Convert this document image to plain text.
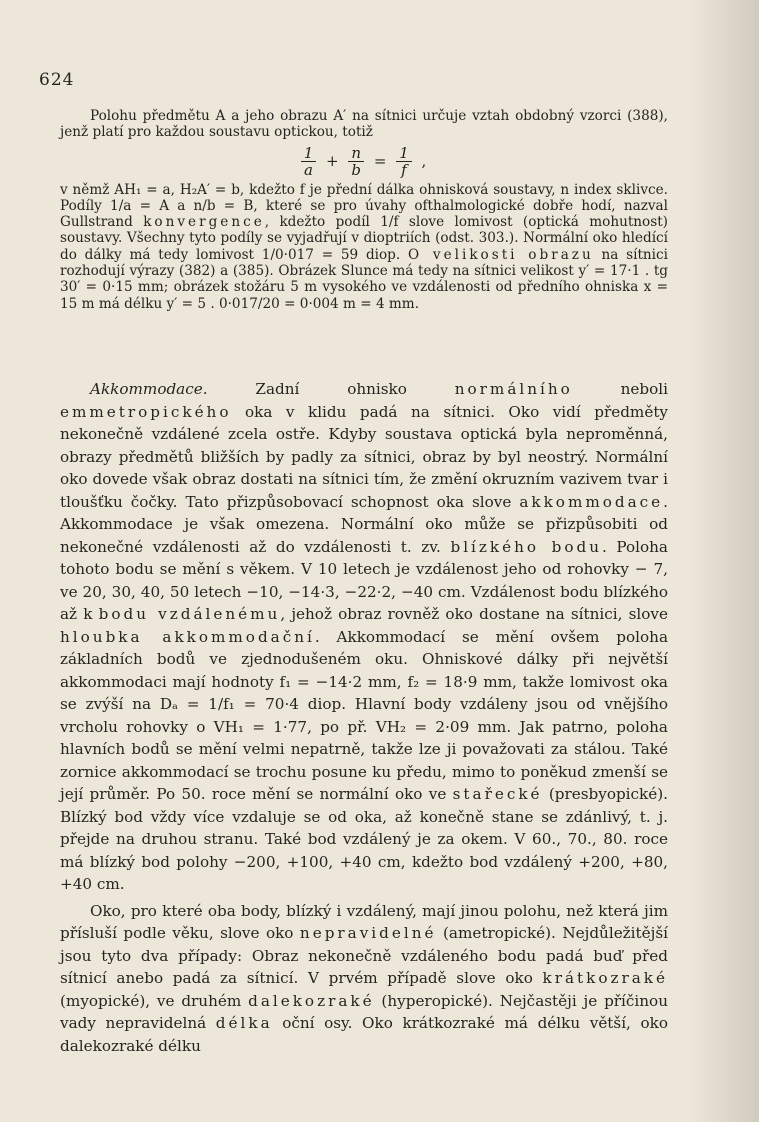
624

Polohu předmětu A a jeho obrazu A′ na sítnici určuje vztah obdobný vzorci (388), jenž platí pro každou soustavu optickou, totiž

$\frac{1}{a} + \frac{n}{b} = \frac{1}{f}$ ,

v němž AH₁ = a, H₂A′ = b, kdežto f je přední dálka ohnisková soustavy, n index sklivce. Podíly 1/a = A a n/b = B, které se pro úvahy ofthalmologické dobře hodí, nazval Gullstrand konvergence, kdežto podíl 1/f slove lomivost (optická mohutnost) soustavy. Všechny tyto podíly se vyjadřují v dioptriích (odst. 303.). Normální oko hledící do dálky má tedy lomivost 1/0·017 = 59 diop. O velikosti obrazu na sítnici rozhodují výrazy (382) a (385). Obrázek Slunce má tedy na sítnici velikost y′ = 17·1 . tg 30′ = 0·15 mm; obrázek stožáru 5 m vysokého ve vzdálenosti od předního ohniska x = 15 m má délku y′ = 5 . 0·017/20 = 0·004 m = 4 mm.

Akkommodace. Zadní ohnisko normálního neboli emmetropického oka v klidu padá na sítnici. Oko vidí předměty nekonečně vzdálené zcela ostře. Kdyby soustava optická byla neproměnná, obrazy předmětů bližších by padly za sítnici, obraz by byl neostrý. Normální oko dovede však obraz dostati na sítnici tím, že změní okruzním vazivem tvar i tloušťku čočky. Tato přizpůsobovací schopnost oka slove akkommodace. Akkommodace je však omezena. Normální oko může se přizpůsobiti od nekonečné vzdálenosti až do vzdálenosti t. zv. blízkého bodu. Poloha tohoto bodu se mění s věkem. V 10 letech je vzdálenost jeho od rohovky − 7, ve 20, 30, 40, 50 letech −10, −14·3, −22·2, −40 cm. Vzdálenost bodu blízkého až k bodu vzdálenému, jehož obraz rovněž oko dostane na sítnici, slove hloubka akkommodační. Akkommodací se mění ovšem poloha základních bodů ve zjednodušeném oku. Ohniskové dálky při největší akkommodaci mají hodnoty f₁ = −14·2 mm, f₂ = 18·9 mm, takže lomivost oka se zvýší na Dₐ = 1/f₁ = 70·4 diop. Hlavní body vzdáleny jsou od vnějšího vrcholu rohovky o VH₁ = 1·77, po př. VH₂ = 2·09 mm. Jak patrno, poloha hlavních bodů se mění velmi nepatrně, takže lze ji považovati za stálou. Také zornice akkommodací se trochu posune ku předu, mimo to poněkud zmenší se její průměr. Po 50. roce mění se normální oko ve stařecké (presbyopické). Blízký bod vždy více vzdaluje se od oka, až konečně stane se zdánlivý, t. j. přejde na druhou stranu. Také bod vzdálený je za okem. V 60., 70., 80. roce má blízký bod polohy −200, +100, +40 cm, kdežto bod vzdálený +200, +80, +40 cm.

Oko, pro které oba body, blízký i vzdálený, mají jinou polohu, než která jim přísluší podle věku, slove oko nepravidelné (ametropické). Nejdůležitější jsou tyto dva případy: Obraz nekonečně vzdáleného bodu padá buď před sítnicí anebo padá za sítnicí. V prvém případě slove oko krátkozraké (myopické), ve druhém dalekozraké (hyperopické). Nejčastěji je příčinou vady nepravidelná délka oční osy. Oko krátkozraké má délku větší, oko dalekozraké délku
